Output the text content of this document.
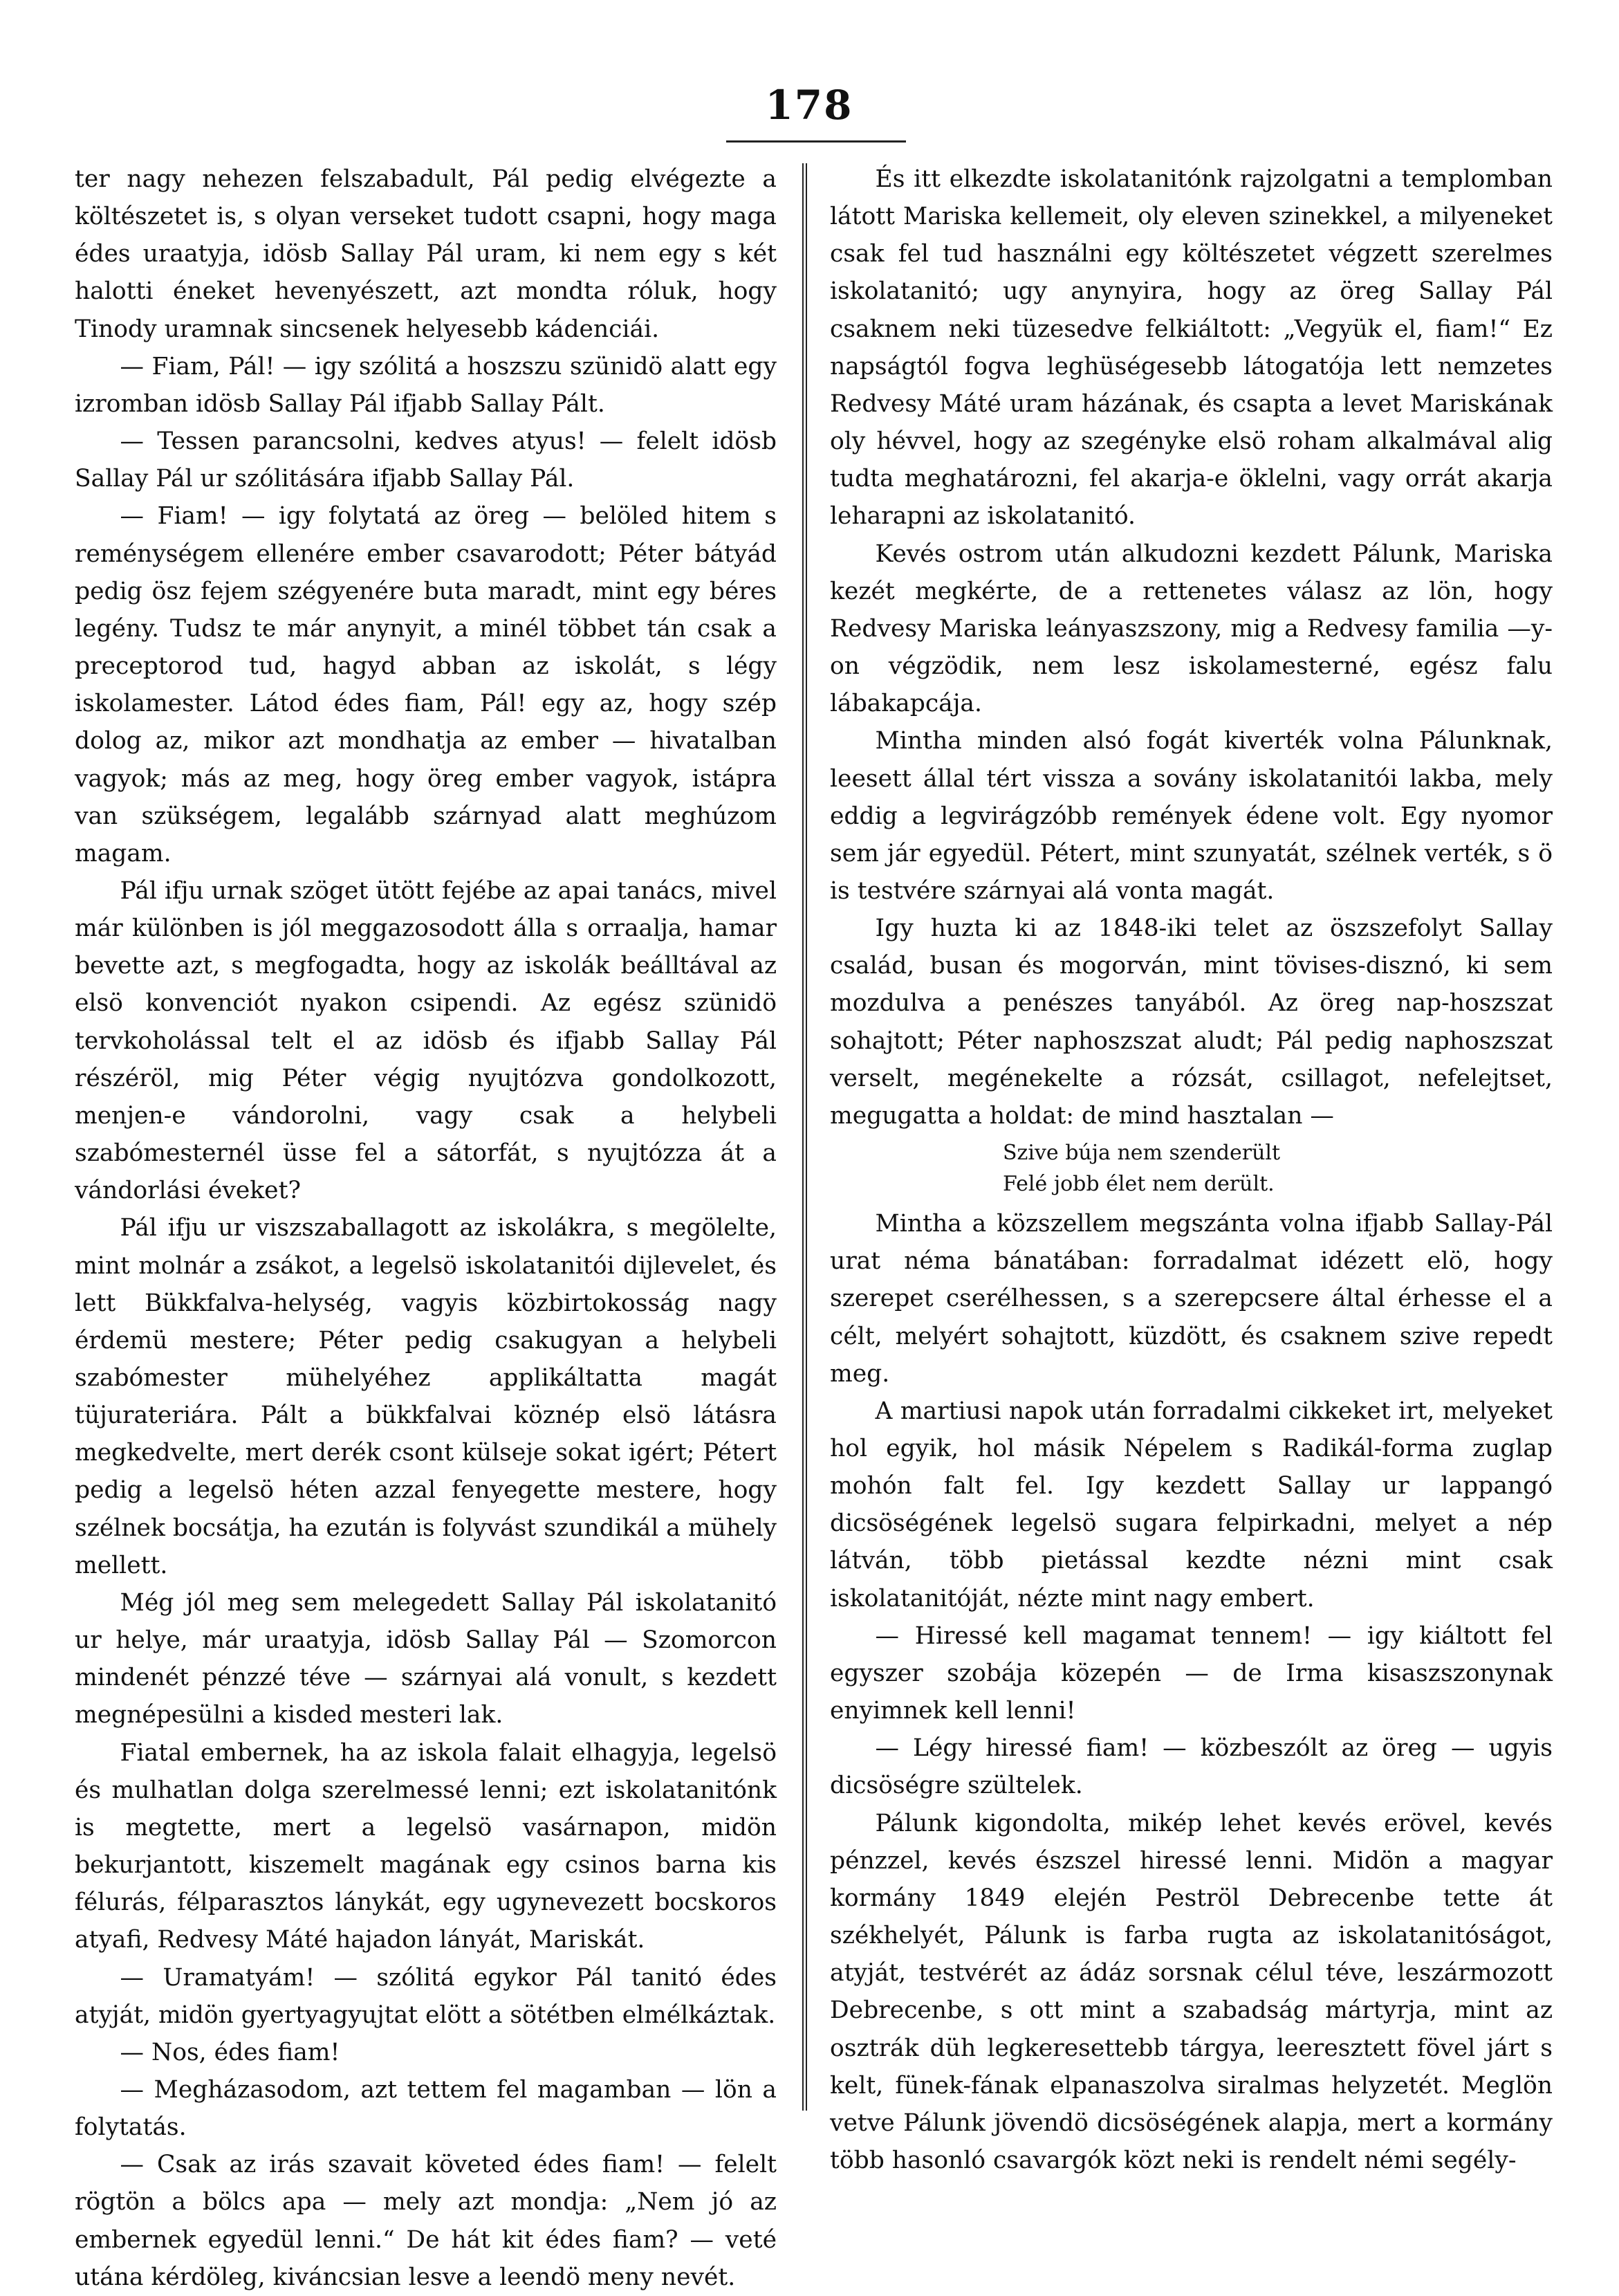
178

ter nagy nehezen felszabadult, Pál pedig elvégezte a költészetet is, s olyan verseket tudott csapni, hogy maga édes uraatyja, idösb Sallay Pál uram, ki nem egy s két halotti éneket hevenyészett, azt mondta róluk, hogy Tinody uramnak sincsenek helyesebb kádenciái.

— Fiam, Pál! — igy szólitá a hoszszu szünidö alatt egy izromban idösb Sallay Pál ifjabb Sallay Pált.

— Tessen parancsolni, kedves atyus! — felelt idösb Sallay Pál ur szólitására ifjabb Sallay Pál.

— Fiam! — igy folytatá az öreg — belöled hitem s reménységem ellenére ember csavarodott; Péter bátyád pedig ösz fejem szégyenére buta maradt, mint egy béres legény. Tudsz te már anynyit, a minél többet tán csak a preceptorod tud, hagyd abban az iskolát, s légy iskolamester. Látod édes fiam, Pál! egy az, hogy szép dolog az, mikor azt mondhatja az ember — hivatalban vagyok; más az meg, hogy öreg ember vagyok, istápra van szükségem, legalább szárnyad alatt meghúzom magam.

Pál ifju urnak szöget ütött fejébe az apai tanács, mivel már különben is jól meggazosodott álla s orraalja, hamar bevette azt, s megfogadta, hogy az iskolák beálltával az elsö konvenciót nyakon csipendi. Az egész szünidö tervkoholással telt el az idösb és ifjabb Sallay Pál részéröl, mig Péter végig nyujtózva gondolkozott, menjen-e vándorolni, vagy csak a helybeli szabómesternél üsse fel a sátorfát, s nyujtózza át a vándorlási éveket?

Pál ifju ur viszszaballagott az iskolákra, s megölelte, mint molnár a zsákot, a legelsö iskolatanitói dijlevelet, és lett Bükkfalva-helység, vagyis közbirtokosság nagy érdemü mestere; Péter pedig csakugyan a helybeli szabómester mühelyéhez applikáltatta magát tüjurateriára. Pált a bükkfalvai köznép elsö látásra megkedvelte, mert derék csont külseje sokat igért; Pétert pedig a legelsö héten azzal fenyegette mestere, hogy szélnek bocsátja, ha ezután is folyvást szundikál a mühely mellett.

Még jól meg sem melegedett Sallay Pál iskolatanitó ur helye, már uraatyja, idösb Sallay Pál — Szomorcon mindenét pénzzé téve — szárnyai alá vonult, s kezdett megnépesülni a kisded mesteri lak.

Fiatal embernek, ha az iskola falait elhagyja, legelsö és mulhatlan dolga szerelmessé lenni; ezt iskolatanitónk is megtette, mert a legelsö vasárnapon, midön bekurjantott, kiszemelt magának egy csinos barna kis félurás, félparasztos lánykát, egy ugynevezett bocskoros atyafi, Redvesy Máté hajadon lányát, Mariskát.

— Uramatyám! — szólitá egykor Pál tanitó édes atyját, midön gyertyagyujtat elött a sötétben elmélkáztak.

— Nos, édes fiam!

— Megházasodom, azt tettem fel magamban — lön a folytatás.

— Csak az irás szavait követed édes fiam! — felelt rögtön a bölcs apa — mely azt mondja: „Nem jó az embernek egyedül lenni.“ De hát kit édes fiam? — veté utána kérdöleg, kiváncsian lesve a leendö meny nevét.

És itt elkezdte iskolatanitónk rajzolgatni a templomban látott Mariska kellemeit, oly eleven szinekkel, a milyeneket csak fel tud használni egy költészetet végzett szerelmes iskolatanitó; ugy anynyira, hogy az öreg Sallay Pál csaknem neki tüzesedve felkiáltott: „Vegyük el, fiam!“ Ez napságtól fogva leghüségesebb látogatója lett nemzetes Redvesy Máté uram házának, és csapta a levet Mariskának oly hévvel, hogy az szegényke elsö roham alkalmával alig tudta meghatározni, fel akarja-e öklelni, vagy orrát akarja leharapni az iskolatanitó.

Kevés ostrom után alkudozni kezdett Pálunk, Mariska kezét megkérte, de a rettenetes válasz az lön, hogy Redvesy Mariska leányaszszony, mig a Redvesy familia —y-on végzödik, nem lesz iskolamesterné, egész falu lábakapcája.

Mintha minden alsó fogát kiverték volna Pálunknak, leesett állal tért vissza a sovány iskolatanitói lakba, mely eddig a legvirágzóbb remények édene volt. Egy nyomor sem jár egyedül. Pétert, mint szunyatát, szélnek verték, s ö is testvére szárnyai alá vonta magát.

Igy huzta ki az 1848-iki telet az öszszefolyt Sallay család, busan és mogorván, mint tövises-disznó, ki sem mozdulva a penészes tanyából. Az öreg nap-hoszszat sohajtott; Péter naphoszszat aludt; Pál pedig naphoszszat verselt, megénekelte a rózsát, csillagot, nefelejtset, megugatta a holdat: de mind hasztalan —

Szive búja nem szenderült
Felé jobb élet nem derült.

Mintha a közszellem megszánta volna ifjabb Sallay-Pál urat néma bánatában: forradalmat idézett elö, hogy szerepet cserélhessen, s a szerepcsere által érhesse el a célt, melyért sohajtott, küzdött, és csaknem szive repedt meg.

A martiusi napok után forradalmi cikkeket irt, melyeket hol egyik, hol másik Népelem s Radikál-forma zuglap mohón falt fel. Igy kezdett Sallay ur lappangó dicsöségének legelsö sugara felpirkadni, melyet a nép látván, több pietással kezdte nézni mint csak iskolatanitóját, nézte mint nagy embert.

— Hiressé kell magamat tennem! — igy kiáltott fel egyszer szobája közepén — de Irma kisaszszonynak enyimnek kell lenni!

— Légy hiressé fiam! — közbeszólt az öreg — ugyis dicsöségre szültelek.

Pálunk kigondolta, mikép lehet kevés erövel, kevés pénzzel, kevés észszel hiressé lenni. Midön a magyar kormány 1849 elején Peströl Debrecenbe tette át székhelyét, Pálunk is farba rugta az iskolatanitóságot, atyját, testvérét az ádáz sorsnak célul téve, leszármozott Debrecenbe, s ott mint a szabadság mártyrja, mint az osztrák düh legkeresettebb tárgya, leeresztett fövel járt s kelt, fünek-fának elpanaszolva siralmas helyzetét. Meglön vetve Pálunk jövendö dicsöségének alapja, mert a kormány több hasonló csavargók közt neki is rendelt némi segély-
